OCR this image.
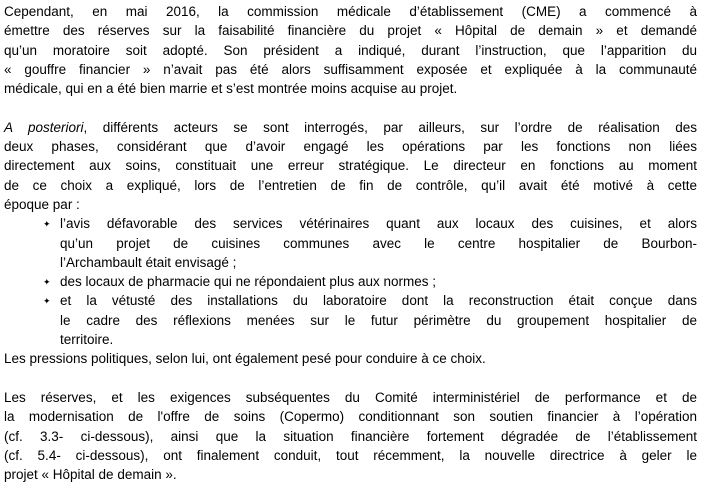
Cependant, en mai 2016, la commission médicale d’établissement (CME) a commencé à
émettre des réserves sur la faisabilité financière du projet « Hôpital de demain » et demandé
qu’un moratoire soit adopté. Son président a indiqué, durant l’instruction, que l’apparition du
« gouffre financier » n’avait pas été alors suffisamment exposée et expliquée à la communauté
médicale, qui en a été bien marrie et s’est montrée moins acquise au projet.

A posteriori, différents acteurs se sont interrogés, par ailleurs, sur l’ordre de réalisation des
deux phases, considérant que d’avoir engagé les opérations par les fonctions non liées
directement aux soins, constituait une erreur stratégique. Le directeur en fonctions au moment
de ce choix a expliqué, lors de l’entretien de fin de contrôle, qu’il avait été motivé à cette
époque par :
✦ l’avis défavorable des services vétérinaires quant aux locaux des cuisines, et alors
qu’un projet de cuisines communes avec le centre hospitalier de Bourbon-
l’Archambault était envisagé ;
✦ des locaux de pharmacie qui ne répondaient plus aux normes ;
✦ et la vétusté des installations du laboratoire dont la reconstruction était conçue dans
le cadre des réflexions menées sur le futur périmètre du groupement hospitalier de
territoire.
Les pressions politiques, selon lui, ont également pesé pour conduire à ce choix.

Les réserves, et les exigences subséquentes du Comité interministériel de performance et de
la modernisation de l'offre de soins (Copermo) conditionnant son soutien financier à l’opération
(cf. 3.3- ci-dessous), ainsi que la situation financière fortement dégradée de l’établissement
(cf. 5.4- ci-dessous), ont finalement conduit, tout récemment, la nouvelle directrice à geler le
projet « Hôpital de demain ».
